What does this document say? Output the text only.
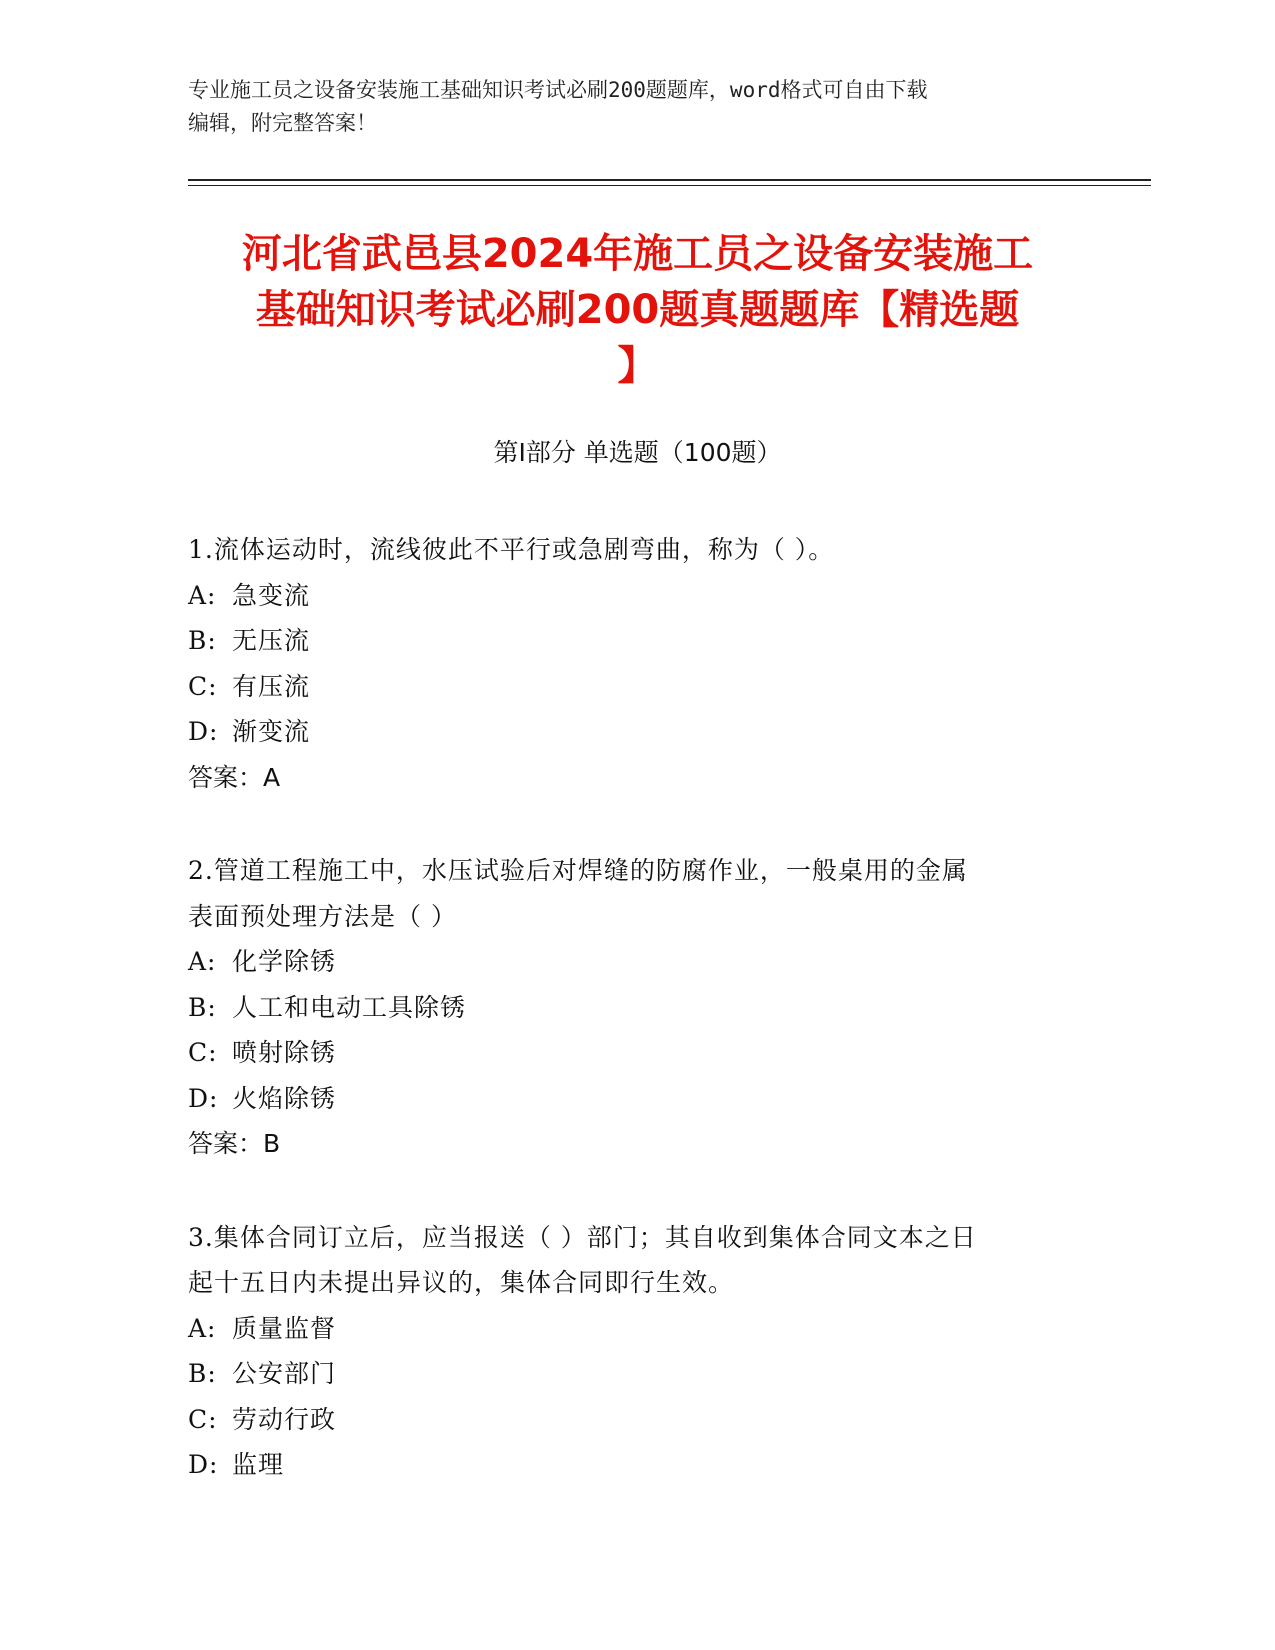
专业施工员之设备安装施工基础知识考试必刷200题题库，word格式可自由下载
编辑，附完整答案！
河北省武邑县2024年施工员之设备安装施工
基础知识考试必刷200题真题题库【精选题
】
第Ⅰ部分 单选题（100题）
1.流体运动时，流线彼此不平行或急剧弯曲，称为（ ）。
A: 急变流
B: 无压流
C: 有压流
D: 渐变流
答案：A
2.管道工程施工中，水压试验后对焊缝的防腐作业，一般桌用的金属
表面预处理方法是（ ）
A: 化学除锈
B: 人工和电动工具除锈
C: 喷射除锈
D: 火焰除锈
答案：B
3.集体合同订立后，应当报送（ ）部门；其自收到集体合同文本之日
起十五日内未提出异议的，集体合同即行生效。
A: 质量监督
B: 公安部门
C: 劳动行政
D: 监理
